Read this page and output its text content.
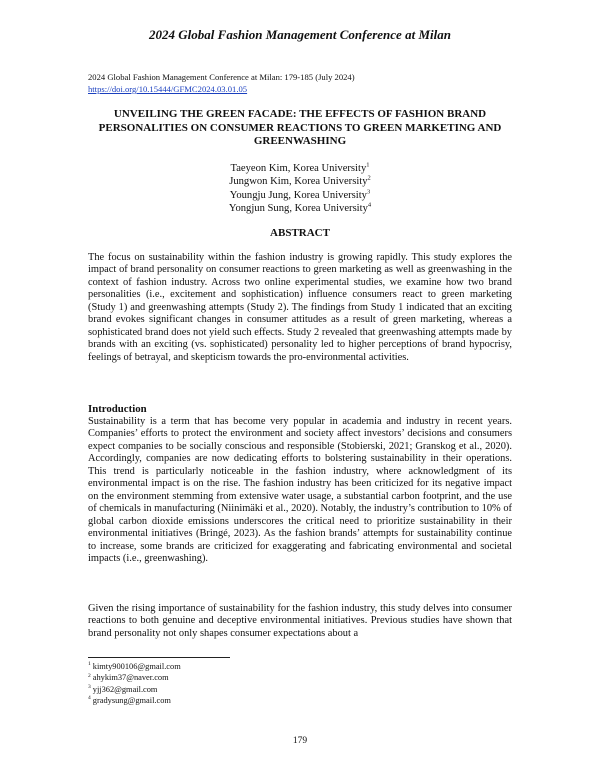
2024 Global Fashion Management Conference at Milan
2024 Global Fashion Management Conference at Milan: 179-185 (July 2024)
https://doi.org/10.15444/GFMC2024.03.01.05
UNVEILING THE GREEN FACADE: THE EFFECTS OF FASHION BRAND PERSONALITIES ON CONSUMER REACTIONS TO GREEN MARKETING AND GREENWASHING
Taeyeon Kim, Korea University$^1$
Jungwon Kim, Korea University$^2$
Youngju Jung, Korea University$^3$
Yongjun Sung, Korea University$^4$
ABSTRACT
The focus on sustainability within the fashion industry is growing rapidly. This study explores the impact of brand personality on consumer reactions to green marketing as well as greenwashing in the context of fashion industry. Across two online experimental studies, we examine how two brand personalities (i.e., excitement and sophistication) influence consumers react to green marketing (Study 1) and greenwashing attempts (Study 2). The findings from Study 1 indicated that an exciting brand evokes significant changes in consumer attitudes as a result of green marketing, whereas a sophisticated brand does not yield such effects. Study 2 revealed that greenwashing attempts made by brands with an exciting (vs. sophisticated) personality led to higher perceptions of brand hypocrisy, feelings of betrayal, and skepticism towards the pro-environmental activities.
Introduction
Sustainability is a term that has become very popular in academia and industry in recent years. Companies’ efforts to protect the environment and society affect investors’ decisions and consumers expect companies to be socially conscious and responsible (Stobierski, 2021; Granskog et al., 2020). Accordingly, companies are now dedicating efforts to bolstering sustainability in their operations. This trend is particularly noticeable in the fashion industry, where acknowledgment of its environmental impact is on the rise. The fashion industry has been criticized for its negative impact on the environment stemming from extensive water usage, a substantial carbon footprint, and the use of chemicals in manufacturing (Niinimäki et al., 2020). Notably, the industry’s contribution to 10% of global carbon dioxide emissions underscores the critical need to prioritize sustainability in their environmental initiatives (Bringé, 2023). As the fashion brands’ attempts for sustainability continue to increase, some brands are criticized for exaggerating and fabricating environmental and societal impacts (i.e., greenwashing).
Given the rising importance of sustainability for the fashion industry, this study delves into consumer reactions to both genuine and deceptive environmental initiatives. Previous studies have shown that brand personality not only shapes consumer expectations about a
$^1$ kimty900106@gmail.com
$^2$ ahykim37@naver.com
$^3$ yjj362@gmail.com
$^4$ gradysung@gmail.com
179
